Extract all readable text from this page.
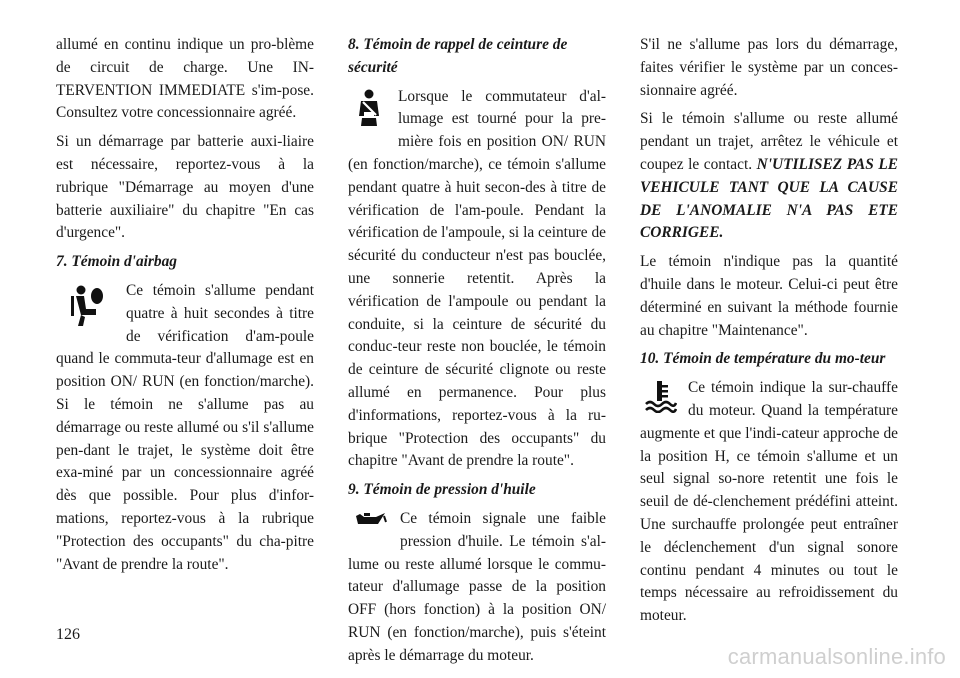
allumé en continu indique un pro-blème de circuit de charge. Une IN-TERVENTION IMMEDIATE s'im-pose. Consultez votre concessionnaire agréé.

Si un démarrage par batterie auxi-liaire est nécessaire, reportez-vous à la rubrique "Démarrage au moyen d'une batterie auxiliaire" du chapitre "En cas d'urgence".

7. Témoin d'airbag

Ce témoin s'allume pendant quatre à huit secondes à titre de vérification d'am-poule quand le commuta-teur d'allumage est en position ON/ RUN (en fonction/marche). Si le témoin ne s'allume pas au démarrage ou reste allumé ou s'il s'allume pen-dant le trajet, le système doit être exa-miné par un concessionnaire agréé dès que possible. Pour plus d'infor-mations, reportez-vous à la rubrique "Protection des occupants" du cha-pitre "Avant de prendre la route".

8. Témoin de rappel de ceinture de sécurité

Lorsque le commutateur d'al-lumage est tourné pour la pre-mière fois en position ON/ RUN (en fonction/marche), ce témoin s'allume pendant quatre à huit secon-des à titre de vérification de l'am-poule. Pendant la vérification de l'ampoule, si la ceinture de sécurité du conducteur n'est pas bouclée, une sonnerie retentit. Après la vérification de l'ampoule ou pendant la conduite, si la ceinture de sécurité du conduc-teur reste non bouclée, le témoin de ceinture de sécurité clignote ou reste allumé en permanence. Pour plus d'informations, reportez-vous à la ru-brique "Protection des occupants" du chapitre "Avant de prendre la route".

9. Témoin de pression d'huile

Ce témoin signale une faible pression d'huile. Le témoin s'al-lume ou reste allumé lorsque le commu-tateur d'allumage passe de la position OFF (hors fonction) à la position ON/ RUN (en fonction/marche), puis s'éteint après le démarrage du moteur.

S'il ne s'allume pas lors du démarrage, faites vérifier le système par un conces-sionnaire agréé.

Si le témoin s'allume ou reste allumé pendant un trajet, arrêtez le véhicule et coupez le contact. N'UTILISEZ PAS LE VEHICULE TANT QUE LA CAUSE DE L'ANOMALIE N'A PAS ETE CORRIGEE.

Le témoin n'indique pas la quantité d'huile dans le moteur. Celui-ci peut être déterminé en suivant la méthode fournie au chapitre "Maintenance".

10. Témoin de température du mo-teur

Ce témoin indique la sur-chauffe du moteur. Quand la température augmente et que l'indi-cateur approche de la position H, ce témoin s'allume et un seul signal so-nore retentit une fois le seuil de dé-clenchement prédéfini atteint. Une surchauffe prolongée peut entraîner le déclenchement d'un signal sonore continu pendant 4 minutes ou tout le temps nécessaire au refroidissement du moteur.

126
carmanualsonline.info
